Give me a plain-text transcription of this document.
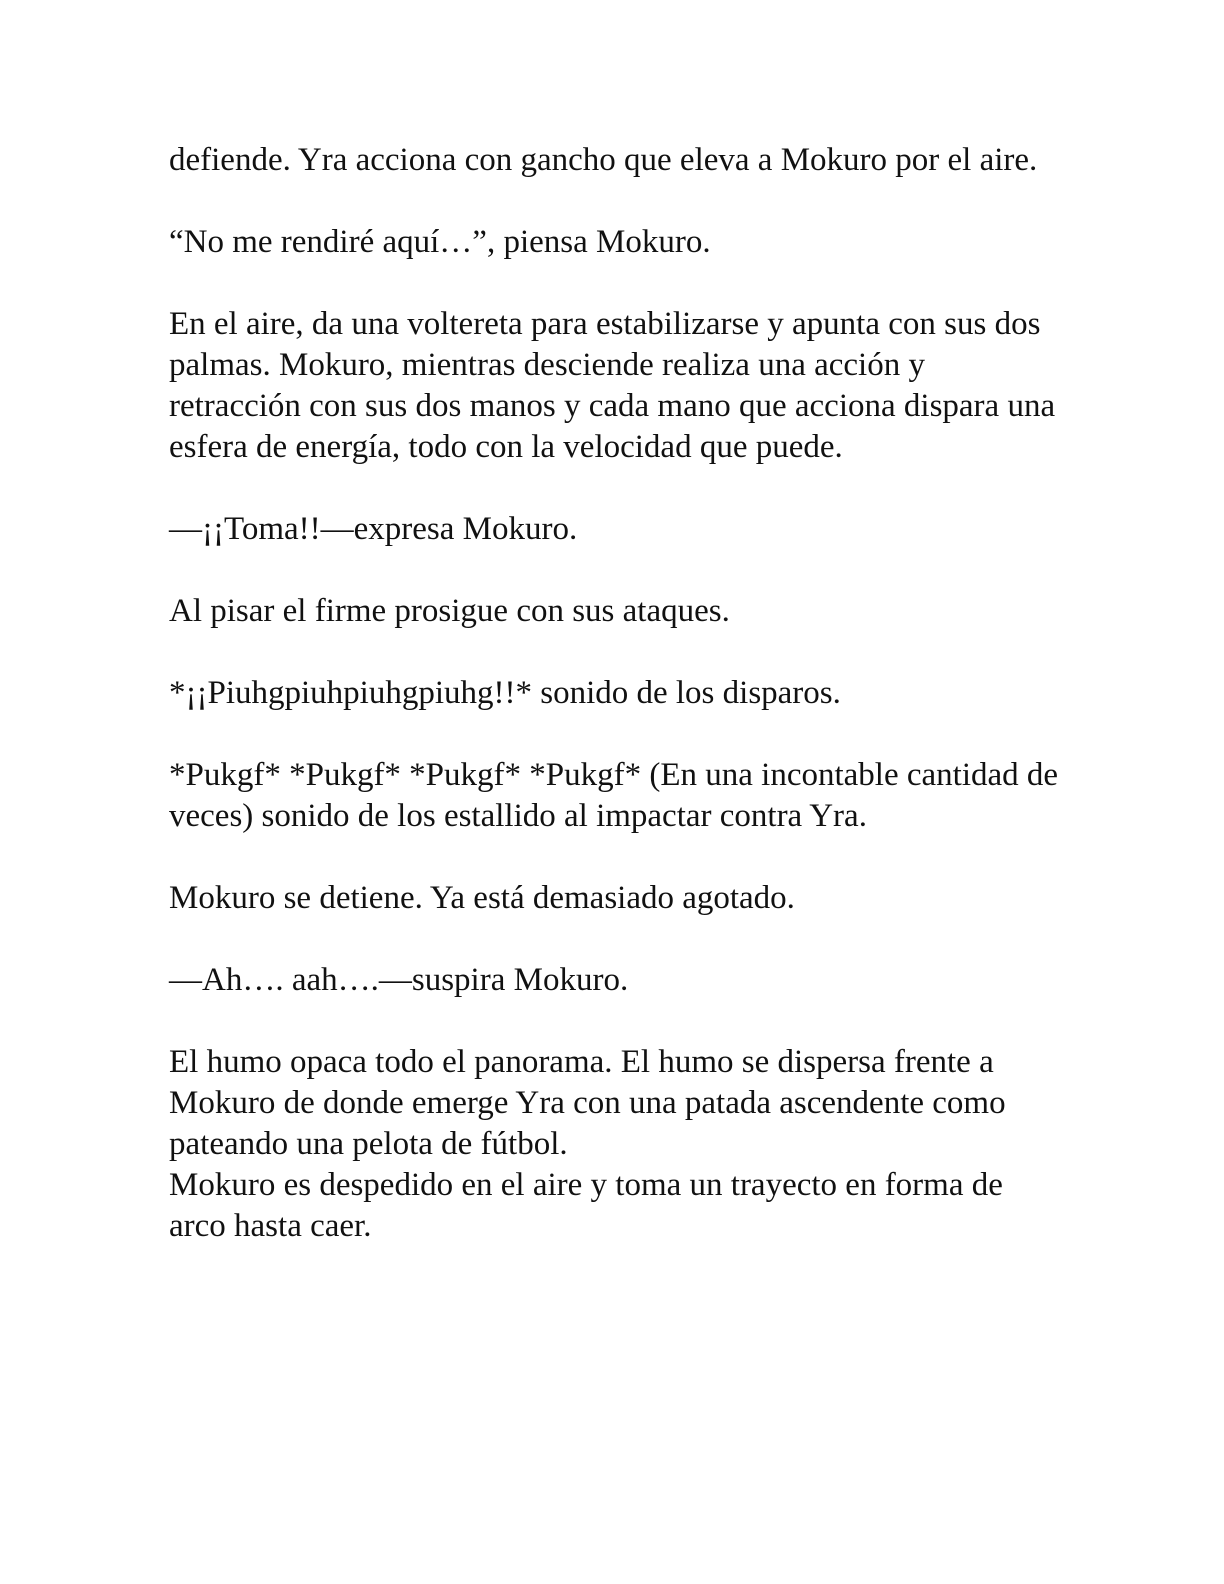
defiende. Yra acciona con gancho que eleva a Mokuro por el aire.

“No me rendiré aquí…”, piensa Mokuro.

En el aire, da una voltereta para estabilizarse y apunta con sus dos palmas. Mokuro, mientras desciende realiza una acción y retracción con sus dos manos y cada mano que acciona dispara una esfera de energía, todo con la velocidad que puede.

—¡¡Toma!!—expresa Mokuro.

Al pisar el firme prosigue con sus ataques.

*¡¡Piuhgpiuhpiuhgpiuhg!!* sonido de los disparos.

*Pukgf* *Pukgf* *Pukgf* *Pukgf* (En una incontable cantidad de veces) sonido de los estallido al impactar contra Yra.

Mokuro se detiene. Ya está demasiado agotado.

—Ah…. aah….—suspira Mokuro.

El humo opaca todo el panorama. El humo se dispersa frente a Mokuro de donde emerge Yra con una patada ascendente como pateando una pelota de fútbol.

Mokuro es despedido en el aire y toma un trayecto en forma de arco hasta caer.
